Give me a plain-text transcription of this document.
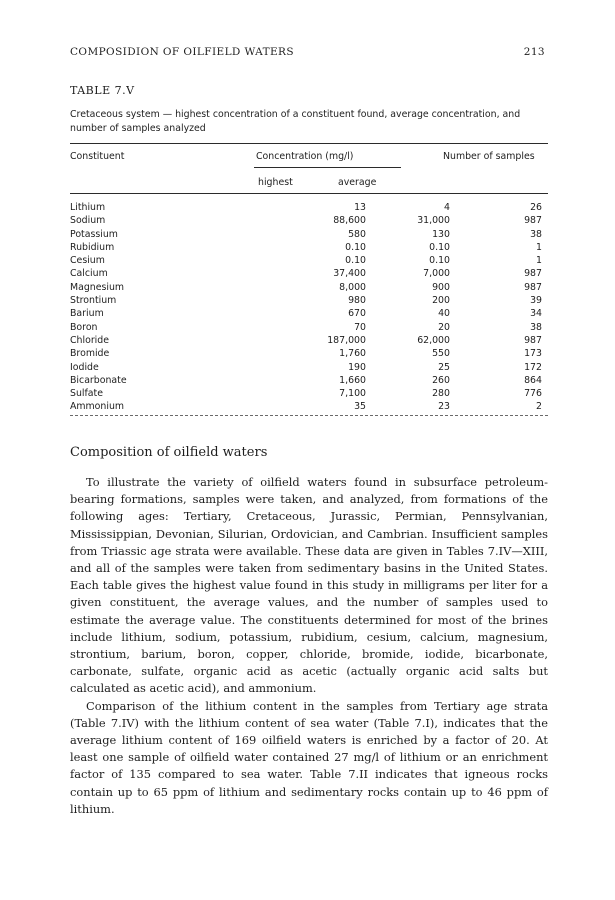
COMPOSIDION OF OILFIELD WATERS	213
TABLE 7.V
Cretaceous system — highest concentration of a constituent found, average concentration, and number of samples analyzed
Constituent	Concentration (mg/l)	Number of samples
highest	average
Lithium	13	4	26
Sodium	88,600	31,000	987
Potassium	580	130	38
Rubidium	0.10	0.10	1
Cesium	0.10	0.10	1
Calcium	37,400	7,000	987
Magnesium	8,000	900	987
Strontium	980	200	39
Barium	670	40	34
Boron	70	20	38
Chloride	187,000	62,000	987
Bromide	1,760	550	173
Iodide	190	25	172
Bicarbonate	1,660	260	864
Sulfate	7,100	280	776
Ammonium	35	23	2
Composition of oilfield waters

To illustrate the variety of oilfield waters found in subsurface petroleum-bearing formations, samples were taken, and analyzed, from formations of the following ages: Tertiary, Cretaceous, Jurassic, Permian, Pennsylvanian, Mississippian, Devonian, Silurian, Ordovician, and Cambrian. Insufficient samples from Triassic age strata were available. These data are given in Tables 7.IV—XIII, and all of the samples were taken from sedimentary basins in the United States. Each table gives the highest value found in this study in milligrams per liter for a given constituent, the average values, and the number of samples used to estimate the average value. The constituents determined for most of the brines include lithium, sodium, potassium, rubidium, cesium, calcium, magnesium, strontium, barium, boron, copper, chloride, bromide, iodide, bicarbonate, carbonate, sulfate, organic acid as acetic (actually organic acid salts but calculated as acetic acid), and ammonium.

Comparison of the lithium content in the samples from Tertiary age strata (Table 7.IV) with the lithium content of sea water (Table 7.I), indicates that the average lithium content of 169 oilfield waters is enriched by a factor of 20. At least one sample of oilfield water contained 27 mg/l of lithium or an enrichment factor of 135 compared to sea water. Table 7.II indicates that igneous rocks contain up to 65 ppm of lithium and sedimentary rocks contain up to 46 ppm of lithium.
